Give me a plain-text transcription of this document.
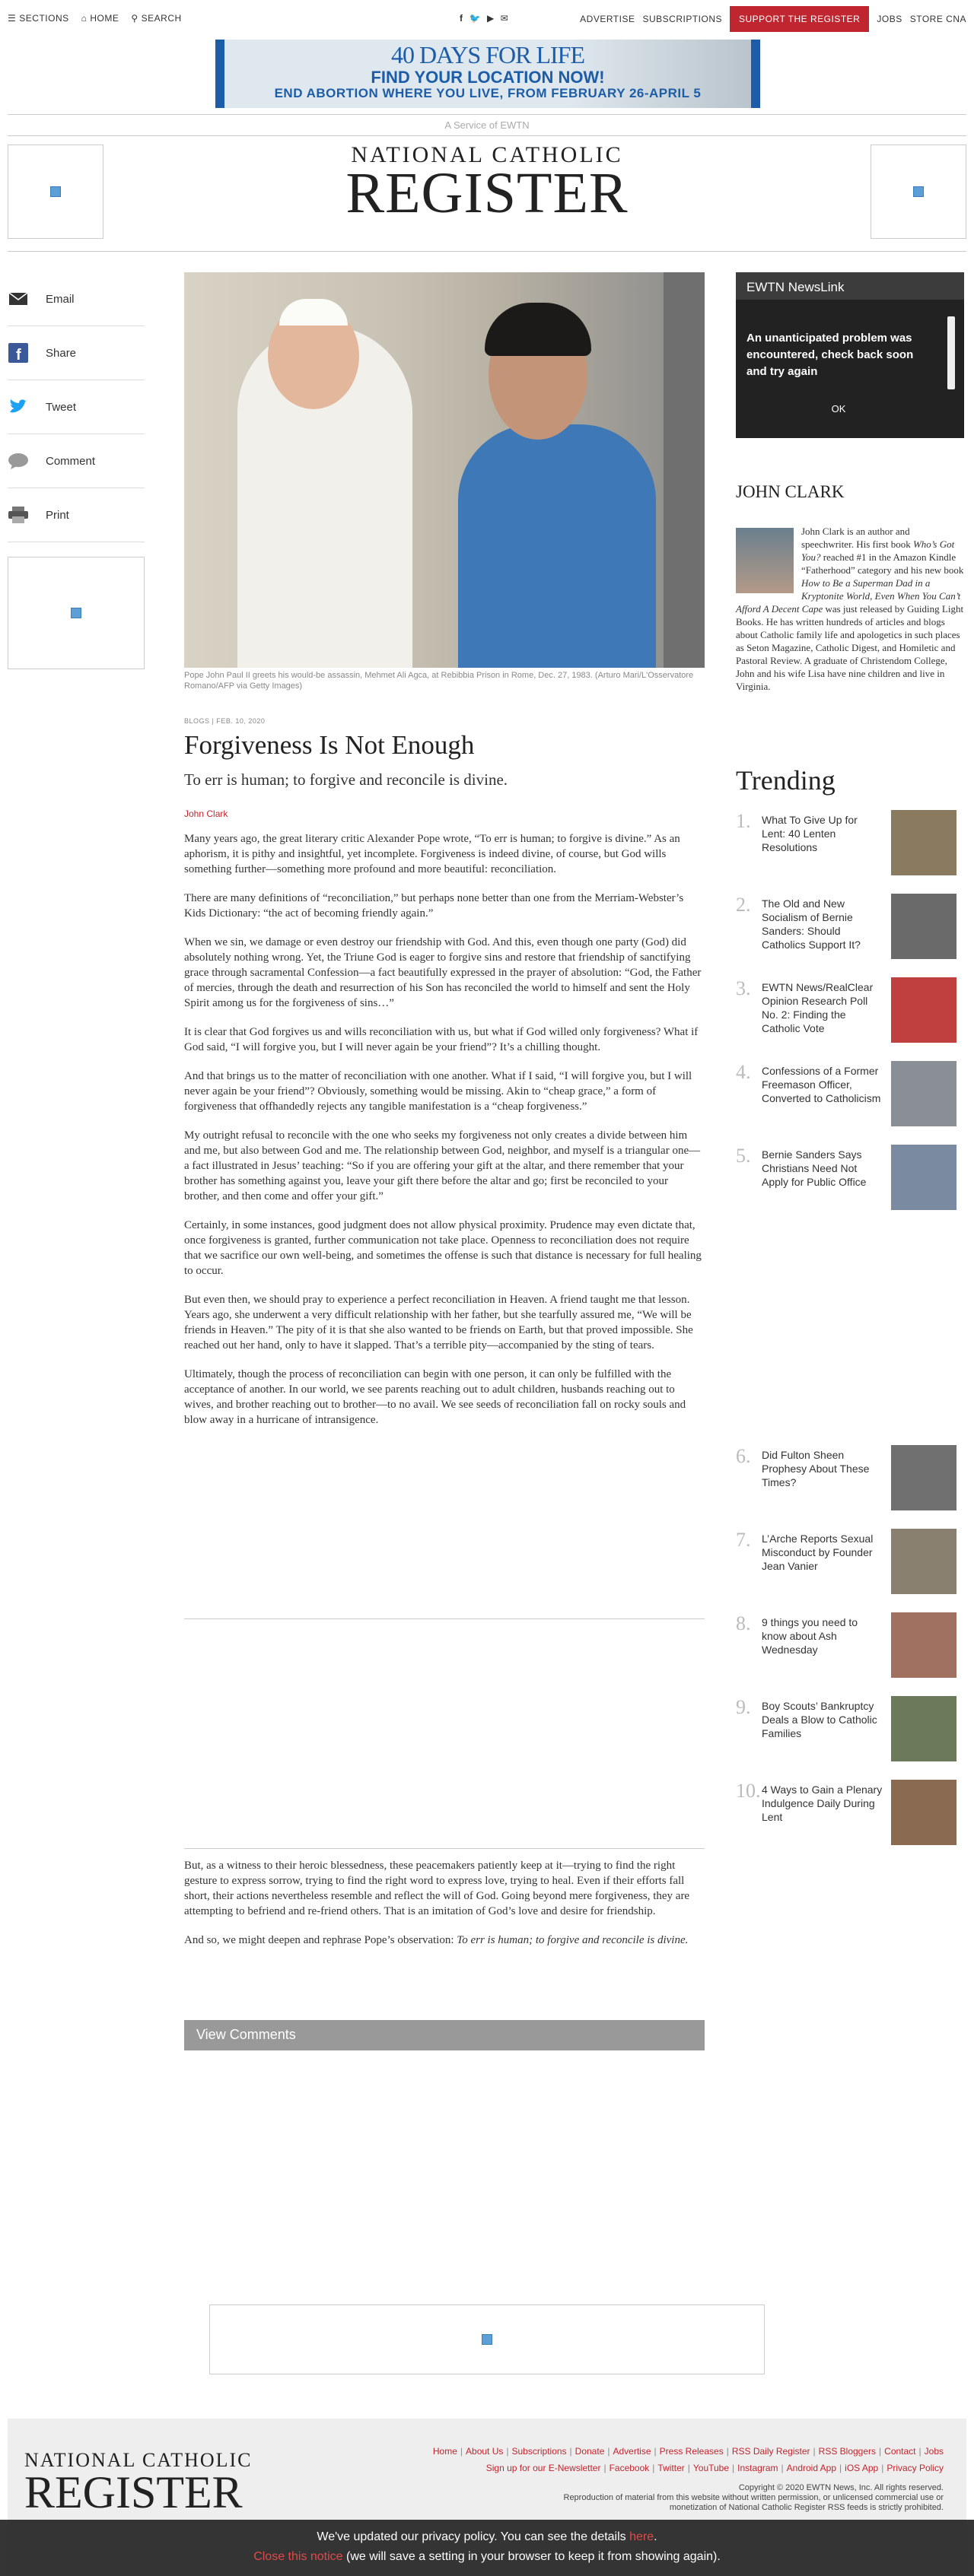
☰ SECTIONS ⌂ HOME ⚲ SEARCH	f 🐦 ▶ ✉	ADVERTISE SUBSCRIPTIONS	SUPPORT THE REGISTER	JOBS STORE CNA
40 DAYS FOR LIFE
FIND YOUR LOCATION NOW!
END ABORTION WHERE YOU LIVE, FROM FEBRUARY 26-APRIL 5
A Service of EWTN
NATIONAL CATHOLIC
REGISTER
Email
f Share
Tweet
Comment
Print
Pope John Paul II greets his would-be assassin, Mehmet Ali Agca, at Rebibbia Prison in Rome, Dec. 27, 1983. (Arturo Mari/L'Osservatore Romano/AFP via Getty Images)
BLOGS | FEB. 10, 2020
Forgiveness Is Not Enough
To err is human; to forgive and reconcile is divine.
John Clark

Many years ago, the great literary critic Alexander Pope wrote, “To err is human; to forgive is divine.” As an aphorism, it is pithy and insightful, yet incomplete. Forgiveness is indeed divine, of course, but God wills something further—something more profound and more beautiful: reconciliation.

There are many definitions of “reconciliation,” but perhaps none better than one from the Merriam-Webster’s Kids Dictionary: “the act of becoming friendly again.”

When we sin, we damage or even destroy our friendship with God. And this, even though one party (God) did absolutely nothing wrong. Yet, the Triune God is eager to forgive sins and restore that friendship of sanctifying grace through sacramental Confession—a fact beautifully expressed in the prayer of absolution: “God, the Father of mercies, through the death and resurrection of his Son has reconciled the world to himself and sent the Holy Spirit among us for the forgiveness of sins…”

It is clear that God forgives us and wills reconciliation with us, but what if God willed only forgiveness? What if God said, “I will forgive you, but I will never again be your friend”? It’s a chilling thought.

And that brings us to the matter of reconciliation with one another. What if I said, “I will forgive you, but I will never again be your friend”? Obviously, something would be missing. Akin to “cheap grace,” a form of forgiveness that offhandedly rejects any tangible manifestation is a “cheap forgiveness.”

My outright refusal to reconcile with the one who seeks my forgiveness not only creates a divide between him and me, but also between God and me. The relationship between God, neighbor, and myself is a triangular one—a fact illustrated in Jesus’ teaching: “So if you are offering your gift at the altar, and there remember that your brother has something against you, leave your gift there before the altar and go; first be reconciled to your brother, and then come and offer your gift.”

Certainly, in some instances, good judgment does not allow physical proximity. Prudence may even dictate that, once forgiveness is granted, further communication not take place. Openness to reconciliation does not require that we sacrifice our own well-being, and sometimes the offense is such that distance is necessary for full healing to occur.

But even then, we should pray to experience a perfect reconciliation in Heaven. A friend taught me that lesson. Years ago, she underwent a very difficult relationship with her father, but she tearfully assured me, “We will be friends in Heaven.” The pity of it is that she also wanted to be friends on Earth, but that proved impossible. She reached out her hand, only to have it slapped. That’s a terrible pity—accompanied by the sting of tears.

Ultimately, though the process of reconciliation can begin with one person, it can only be fulfilled with the acceptance of another. In our world, we see parents reaching out to adult children, husbands reaching out to wives, and brother reaching out to brother—to no avail. We see seeds of reconciliation fall on rocky souls and blow away in a hurricane of intransigence.

But, as a witness to their heroic blessedness, these peacemakers patiently keep at it—trying to find the right gesture to express sorrow, trying to find the right word to express love, trying to heal. Even if their efforts fall short, their actions nevertheless resemble and reflect the will of God. Going beyond mere forgiveness, they are attempting to befriend and re-friend others. That is an imitation of God’s love and desire for friendship.

And so, we might deepen and rephrase Pope’s observation: To err is human; to forgive and reconcile is divine.

View Comments
EWTN NewsLink
An unanticipated problem was encountered, check back soon and try again
OK
JOHN CLARK
John Clark is an author and speechwriter. His first book Who’s Got You? reached #1 in the Amazon Kindle “Fatherhood” category and his new book How to Be a Superman Dad in a Kryptonite World, Even When You Can’t Afford A Decent Cape was just released by Guiding Light Books. He has written hundreds of articles and blogs about Catholic family life and apologetics in such places as Seton Magazine, Catholic Digest, and Homiletic and Pastoral Review. A graduate of Christendom College, John and his wife Lisa have nine children and live in Virginia.
Trending
1.	What To Give Up for Lent: 40 Lenten Resolutions
2.	The Old and New Socialism of Bernie Sanders: Should Catholics Support It?
3.	EWTN News/RealClear Opinion Research Poll No. 2: Finding the Catholic Vote
4.	Confessions of a Former Freemason Officer, Converted to Catholicism
5.	Bernie Sanders Says Christians Need Not Apply for Public Office
6.	Did Fulton Sheen Prophesy About These Times?
7.	L’Arche Reports Sexual Misconduct by Founder Jean Vanier
8.	9 things you need to know about Ash Wednesday
9.	Boy Scouts’ Bankruptcy Deals a Blow to Catholic Families
10. 4 Ways to Gain a Plenary Indulgence Daily During Lent
NATIONAL CATHOLIC
REGISTER
Home | About Us | Subscriptions | Donate | Advertise | Press Releases | RSS Daily Register | RSS Bloggers | Contact | Jobs
Sign up for our E-Newsletter | Facebook | Twitter | YouTube | Instagram | Android App | iOS App | Privacy Policy
Copyright © 2020 EWTN News, Inc. All rights reserved.
Reproduction of material from this website without written permission, or unlicensed commercial use or monetization of National Catholic Register RSS feeds is strictly prohibited.
We've updated our privacy policy. You can see the details here.
Close this notice (we will save a setting in your browser to keep it from showing again).
